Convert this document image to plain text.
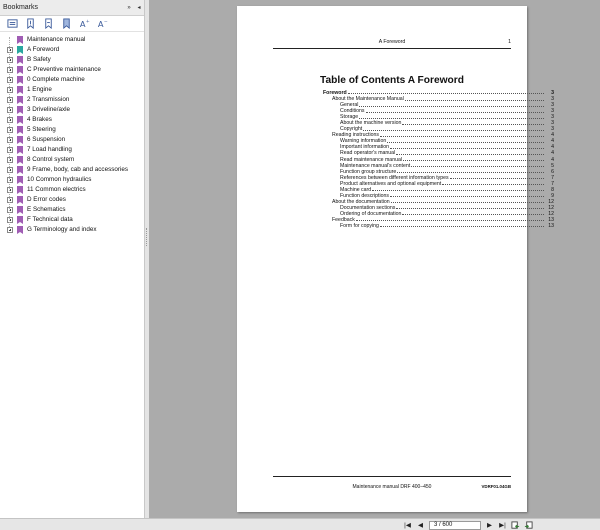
Bookmarks	»	◂
A + A −
Maintenance manual
A Foreword
B Safety
C Preventive maintenance
0 Complete machine
1 Engine
2 Transmission
3 Driveline/axle
4 Brakes
5 Steering
6 Suspension
7 Load handling
8 Control system
9 Frame, body, cab and accessories
10 Common hydraulics
11 Common electrics
D Error codes
E Schematics
F Technical data
G Terminology and index
A Foreword	1
Table of Contents A Foreword
Foreword	3
About the Maintenance Manual	3
General	3
Conditions	3
Storage	3
About the machine version	3
Copyright	3
Reading instructions	4
Warning information	4
Important information	4
Read operator's manual	4
Read maintenance manual	4
Maintenance manual's content	5
Function group structure	6
References between different information types	7
Product alternatives and optional equipment	7
Machine card	8
Function descriptions	9
About the documentation	12
Documentation sections	12
Ordering of documentation	12
Feedback	13
Form for copying	13
Maintenance manual DRF 400–450	VDRF01.04GB
|◀	◀	3 / 600	▶	▶|
